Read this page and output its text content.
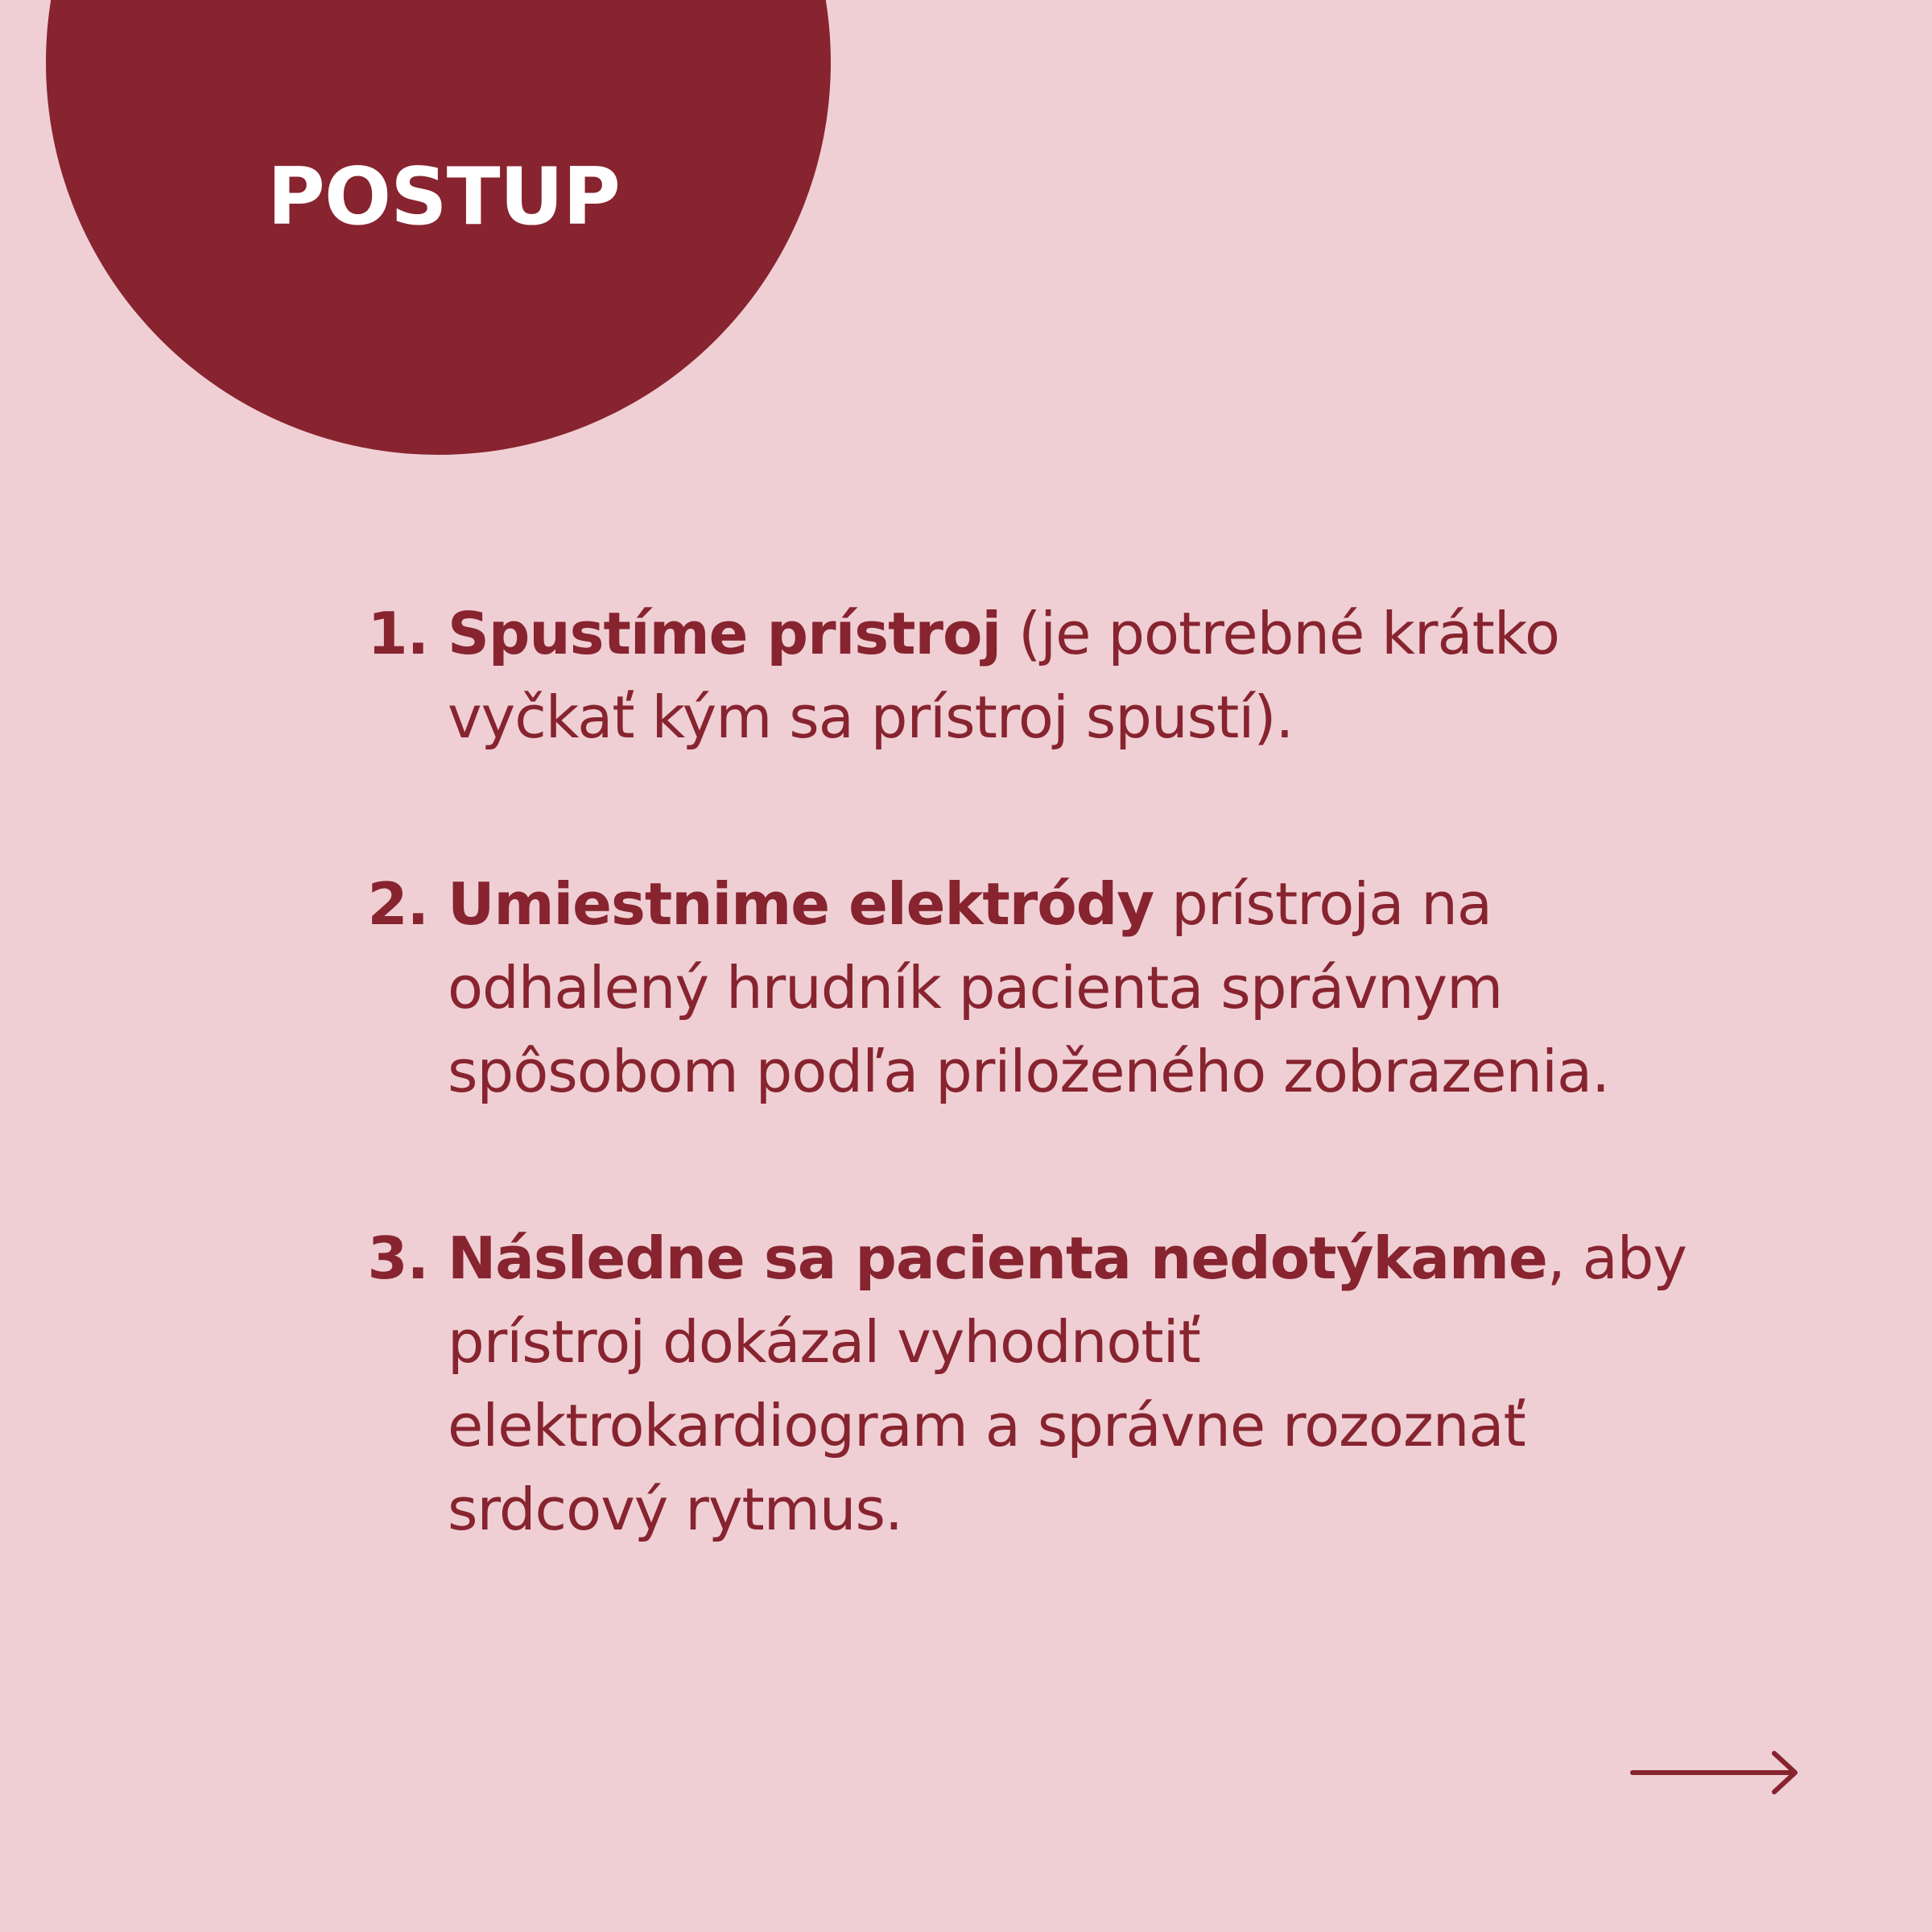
POSTUP
1. Spustíme prístroj (je potrebné krátko vyčkať kým sa prístroj spustí).
2. Umiestnime elektródy prístroja na odhalený hrudník pacienta správnym spôsobom podľa priloženého zobrazenia.
3. Následne sa pacienta nedotýkame, aby prístroj dokázal vyhodnotiť elektrokardiogram a správne rozoznať srdcový rytmus.
